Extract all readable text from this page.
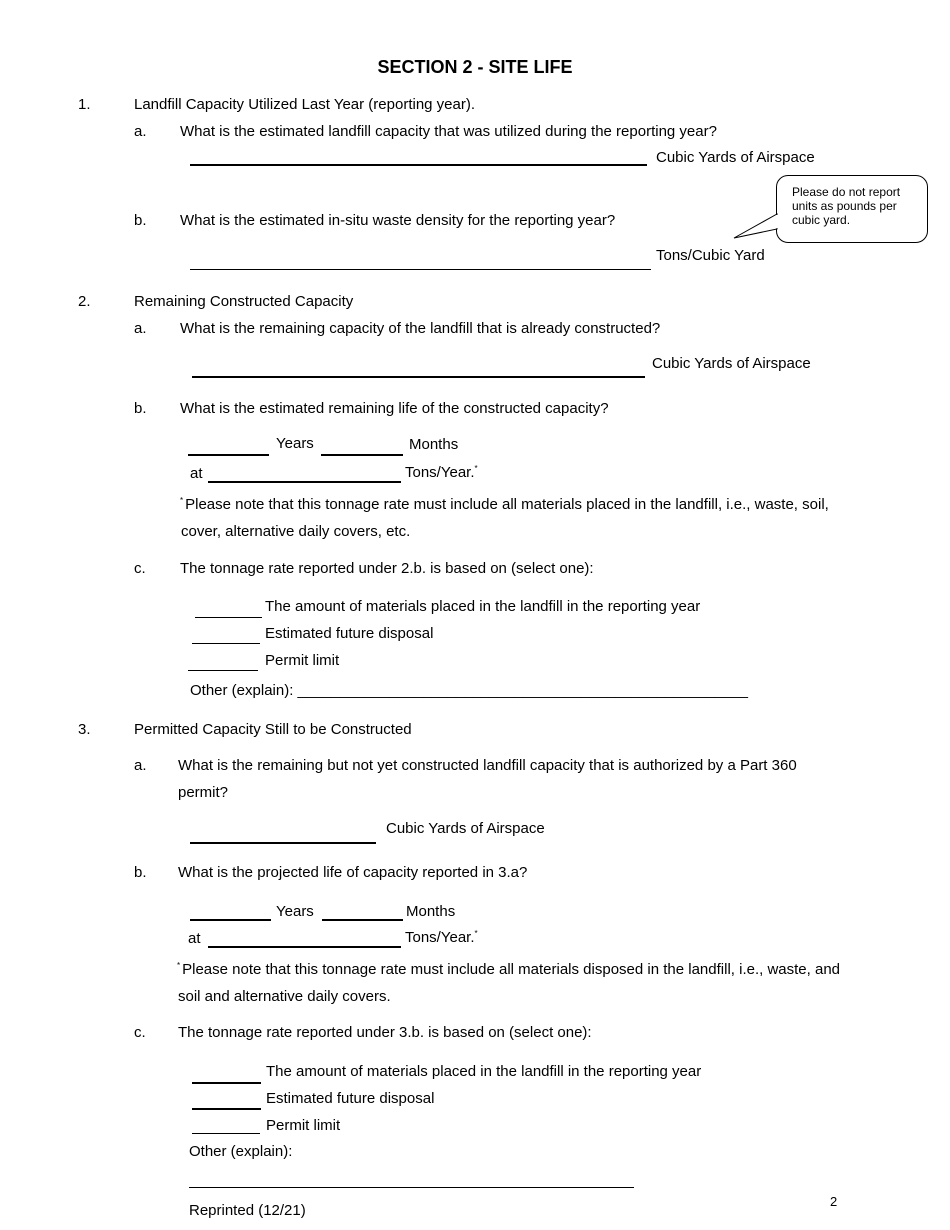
SECTION 2 - SITE LIFE
1.	Landfill Capacity Utilized Last Year (reporting year).
a. What is the estimated landfill capacity that was utilized during the reporting year?
Cubic Yards of Airspace
b. What is the estimated in-situ waste density for the reporting year?
Tons/Cubic Yard
Please do not report units as pounds per cubic yard.
2.	Remaining Constructed Capacity
a. What is the remaining capacity of the landfill that is already constructed?
Cubic Yards of Airspace
b. What is the estimated remaining life of the constructed capacity?
Years	Months
at	Tons/Year.*
* Please note that this tonnage rate must include all materials placed in the landfill, i.e., waste, soil,
cover, alternative daily covers, etc.
c. The tonnage rate reported under 2.b. is based on (select one):
The amount of materials placed in the landfill in the reporting year
Estimated future disposal
Permit limit
Other (explain): ______________________________________________________
3.	Permitted Capacity Still to be Constructed
a. What is the remaining but not yet constructed landfill capacity that is authorized by a Part 360
permit?
Cubic Yards of Airspace
b. What is the projected life of capacity reported in 3.a?
Years	Months
at	Tons/Year.*
* Please note that this tonnage rate must include all materials disposed in the landfill, i.e., waste, and
soil and alternative daily covers.
c. The tonnage rate reported under 3.b. is based on (select one):
The amount of materials placed in the landfill in the reporting year
Estimated future disposal
Permit limit
Other (explain):
Reprinted (12/21)
2
